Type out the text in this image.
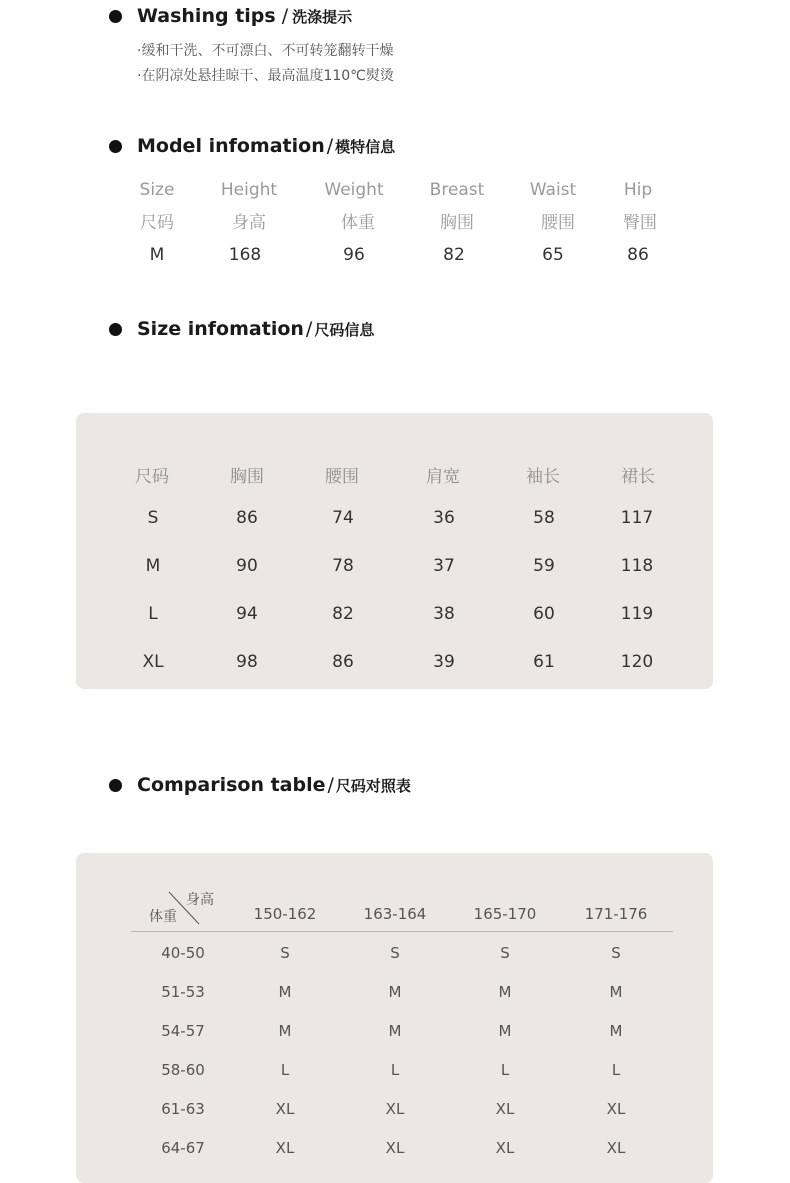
Washing tips / 洗涤提示
·缓和干洗、不可漂白、不可转笼翻转干燥
·在阴凉处悬挂晾干、最高温度110℃熨烫
Model infomation / 模特信息
Size	Height	Weight	Breast	Waist	Hip
尺码	身高	体重	胸围	腰围	臀围
M	168	96	82	65	86
Size infomation / 尺码信息
尺码	胸围	腰围	肩宽	袖长	裙长
S	86	74	36	58	117
M	90	78	37	59	118
L	94	82	38	60	119
XL	98	86	39	61	120
Comparison table / 尺码对照表
身高
体重	150-162	163-164	165-170	171-176
40-50	S	S	S	S
51-53	M	M	M	M
54-57	M	M	M	M
58-60	L	L	L	L
61-63	XL	XL	XL	XL
64-67	XL	XL	XL	XL
